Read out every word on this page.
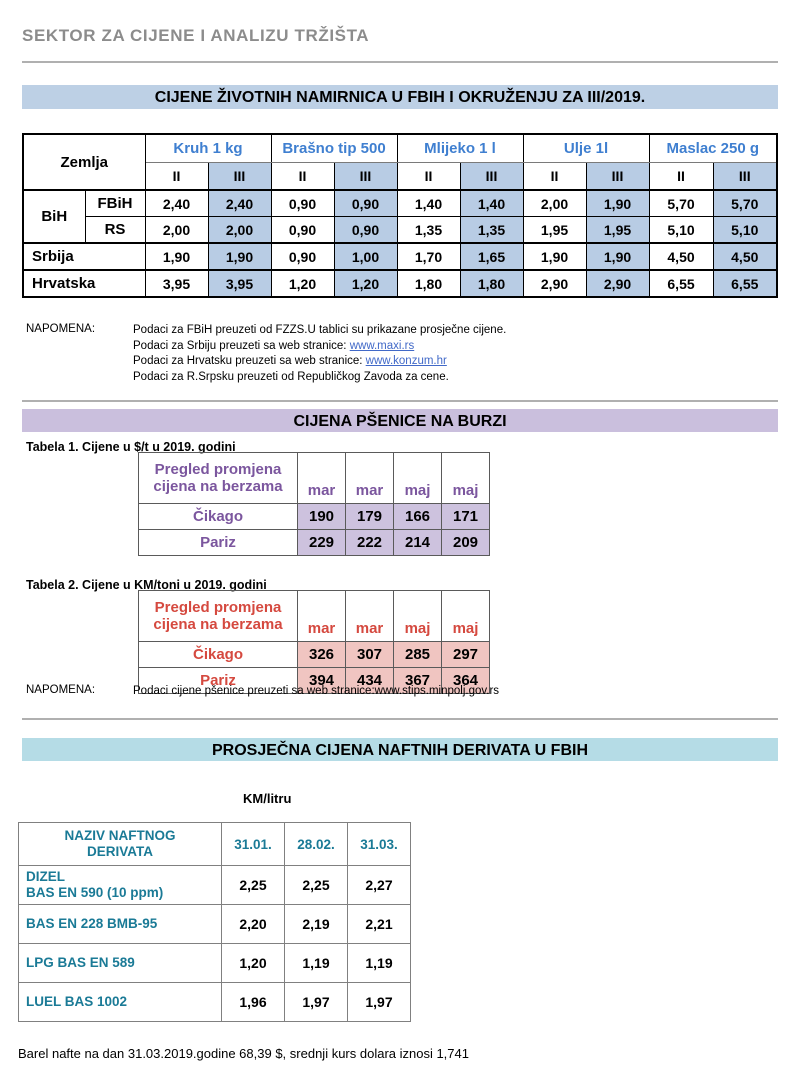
SEKTOR ZA CIJENE I ANALIZU TRŽIŠTA
CIJENE ŽIVOTNIH NAMIRNICA U FBIH I OKRUŽENJU ZA III/2019.
Zemlja		Kruh 1 kg		Brašno tip 500		Mlijeko 1 l		Ulje 1l		Maslac 250 g	
		II	III	II	III	II	III	II	III	II	III
BiH	FBiH	2,40	2,40	0,90	0,90	1,40	1,40	2,00	1,90	5,70	5,70
	RS	2,00	2,00	0,90	0,90	1,35	1,35	1,95	1,95	5,10	5,10
Srbija		1,90	1,90	0,90	1,00	1,70	1,65	1,90	1,90	4,50	4,50
Hrvatska		3,95	3,95	1,20	1,20	1,80	1,80	2,90	2,90	6,55	6,55
NAPOMENA:	Podaci za FBiH preuzeti od FZZS.U tablici su prikazane prosječne cijene.
Podaci za Srbiju preuzeti sa web stranice: www.maxi.rs
Podaci za Hrvatsku preuzeti sa web stranice: www.konzum.hr
Podaci za R.Srpsku preuzeti od Republičkog Zavoda za cene.
CIJENA PŠENICE NA BURZI
Tabela 1. Cijene u $/t u 2019. godini
Pregled promjena
cijena na berzama				

	mar	mar	maj	maj
Čikago	190	179	166	171
Pariz	229	222	214	209
Tabela 2. Cijene u KM/toni u 2019. godini
Pregled promjena
cijena na berzama				

	mar	mar	maj	maj
Čikago	326	307	285	297
Pariz	394	434	367	364
NAPOMENA:	Podaci cijene pšenice preuzeti sa web stranice:www.stips.minpolj.gov.rs
PROSJEČNA CIJENA NAFTNIH DERIVATA U FBIH
KM/litru
NAZIV NAFTNOG
DERIVATA	31.01.	28.02.	31.03.

DIZEL
BAS EN 590 (10 ppm)	2,25	2,25	2,27

BAS EN 228 BMB-95	2,20	2,19	2,21

LPG BAS EN 589	1,20	1,19	1,19

LUEL BAS 1002	1,96	1,97	1,97
Barel nafte na dan 31.03.2019.godine 68,39 $, srednji kurs dolara iznosi 1,741
